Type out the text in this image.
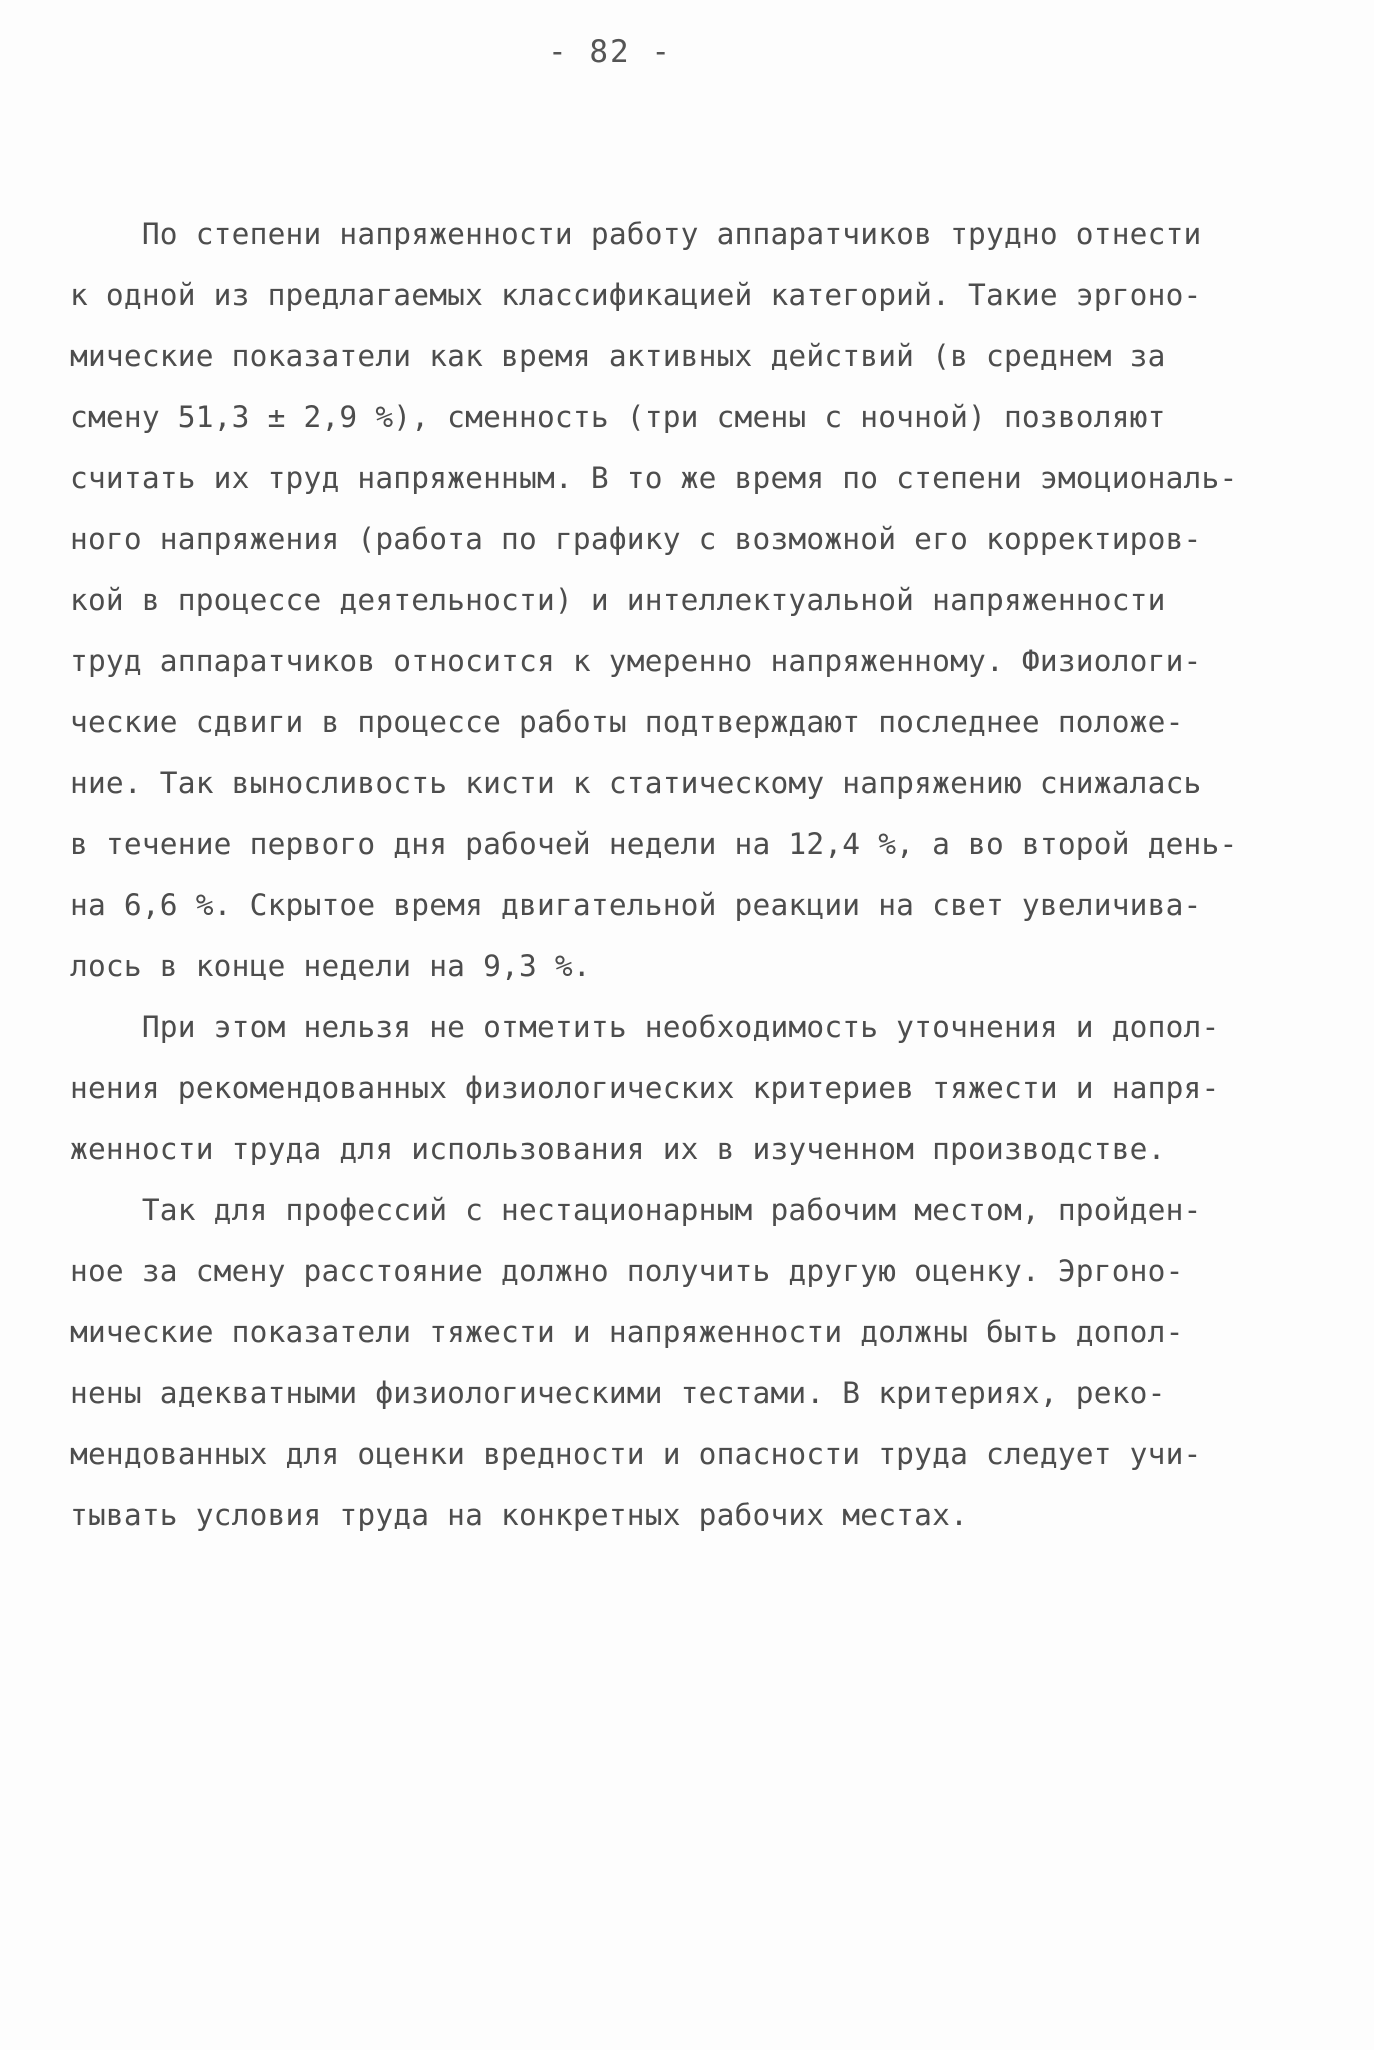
- 82 -
По степени напряженности работу аппаратчиков трудно отнести
к одной из предлагаемых классификацией категорий. Такие эргоно-
мические показатели как время активных действий (в среднем за
смену 51,3 ± 2,9 %), сменность (три смены с ночной) позволяют
считать их труд напряженным. В то же время по степени эмоциональ-
ного напряжения (работа по графику с возможной его корректиров-
кой в процессе деятельности) и интеллектуальной напряженности
труд аппаратчиков относится к умеренно напряженному. Физиологи-
ческие сдвиги в процессе работы подтверждают последнее положе-
ние. Так выносливость кисти к статическому напряжению снижалась
в течение первого дня рабочей недели на 12,4 %, а во второй день-
на 6,6 %. Скрытое время двигательной реакции на свет увеличива-
лось в конце недели на 9,3 %.
При этом нельзя не отметить необходимость уточнения и допол-
нения рекомендованных физиологических критериев тяжести и напря-
женности труда для использования их в изученном производстве.
Так для профессий с нестационарным рабочим местом, пройден-
ное за смену расстояние должно получить другую оценку. Эргоно-
мические показатели тяжести и напряженности должны быть допол-
нены адекватными физиологическими тестами. В критериях, реко-
мендованных для оценки вредности и опасности труда следует учи-
тывать условия труда на конкретных рабочих местах.
